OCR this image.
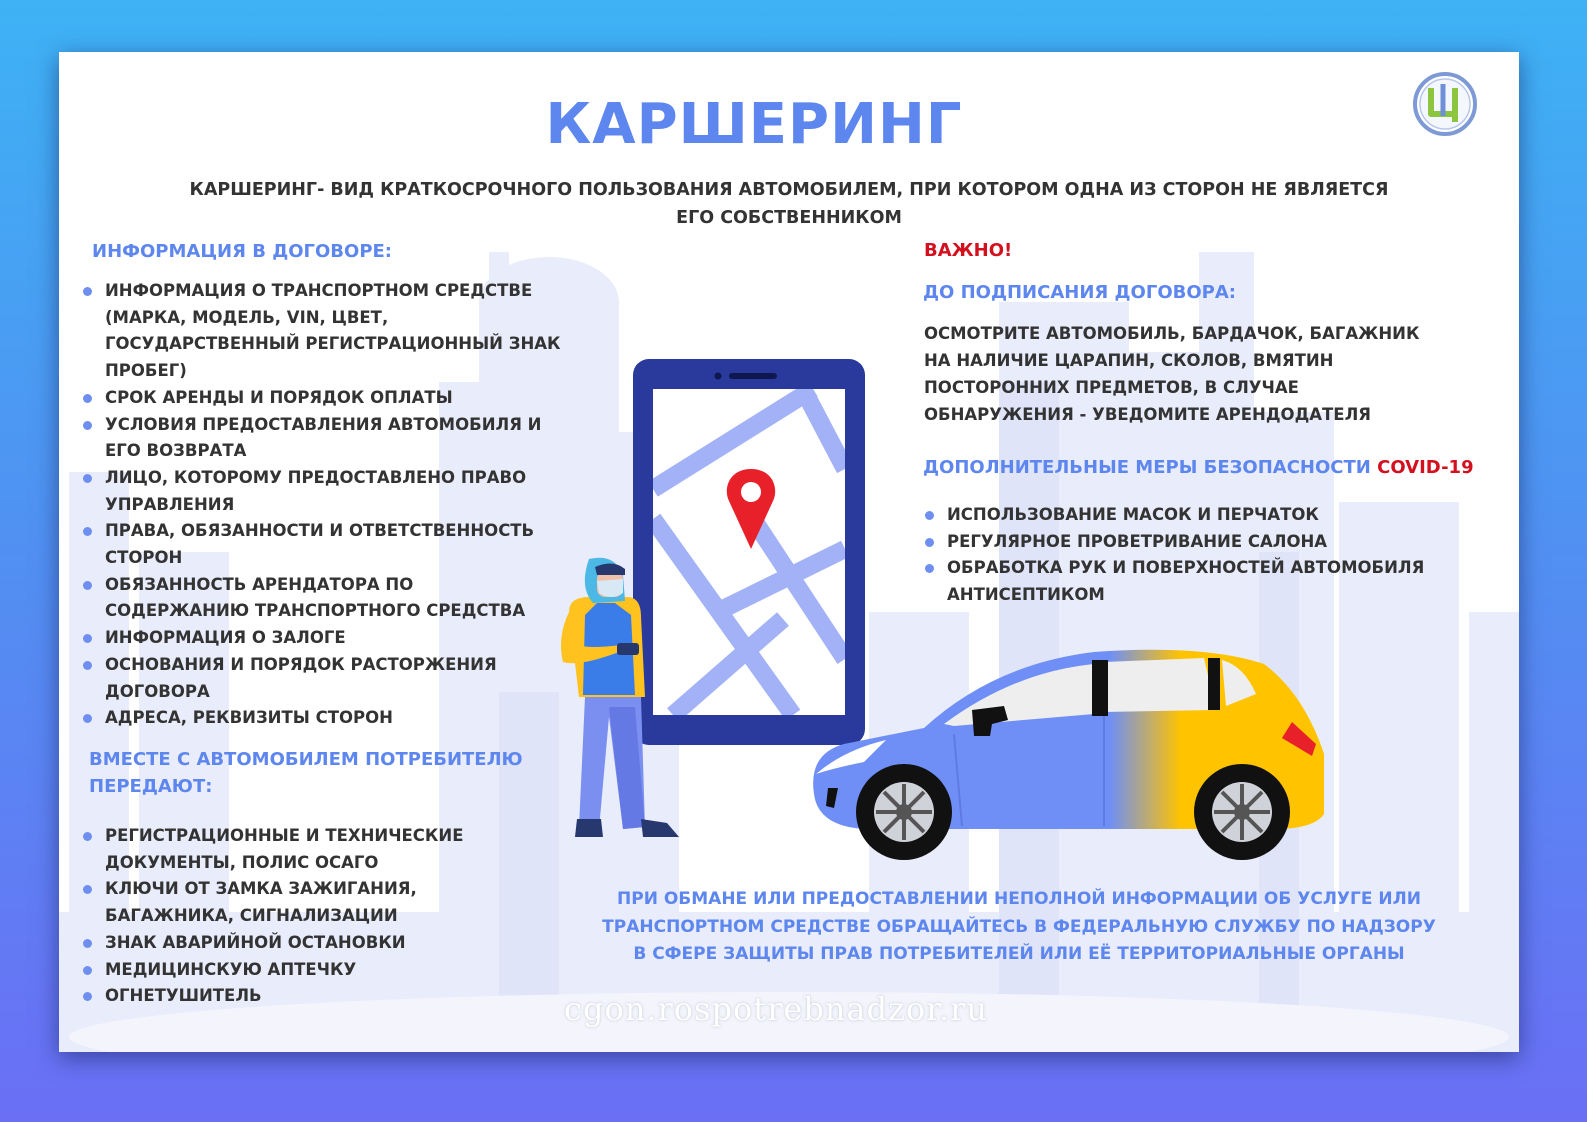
КАРШЕРИНГ
КАРШЕРИНГ- ВИД КРАТКОСРОЧНОГО ПОЛЬЗОВАНИЯ АВТОМОБИЛЕМ, ПРИ КОТОРОМ ОДНА ИЗ СТОРОН НЕ ЯВЛЯЕТСЯ ЕГО СОБСТВЕННИКОМ
ИНФОРМАЦИЯ В ДОГОВОРЕ:
ИНФОРМАЦИЯ О ТРАНСПОРТНОМ СРЕДСТВЕ (МАРКА, МОДЕЛЬ, VIN, ЦВЕТ, ГОСУДАРСТВЕННЫЙ РЕГИСТРАЦИОННЫЙ ЗНАК ПРОБЕГ)
СРОК АРЕНДЫ И ПОРЯДОК ОПЛАТЫ
УСЛОВИЯ ПРЕДОСТАВЛЕНИЯ АВТОМОБИЛЯ И ЕГО ВОЗВРАТА
ЛИЦО, КОТОРОМУ ПРЕДОСТАВЛЕНО ПРАВО УПРАВЛЕНИЯ
ПРАВА, ОБЯЗАННОСТИ И ОТВЕТСТВЕННОСТЬ СТОРОН
ОБЯЗАННОСТЬ АРЕНДАТОРА ПО СОДЕРЖАНИЮ ТРАНСПОРТНОГО СРЕДСТВА
ИНФОРМАЦИЯ О ЗАЛОГЕ
ОСНОВАНИЯ И ПОРЯДОК РАСТОРЖЕНИЯ ДОГОВОРА
АДРЕСА, РЕКВИЗИТЫ СТОРОН
ВМЕСТЕ С АВТОМОБИЛЕМ ПОТРЕБИТЕЛЮ ПЕРЕДАЮТ:
РЕГИСТРАЦИОННЫЕ И ТЕХНИЧЕСКИЕ ДОКУМЕНТЫ, ПОЛИС ОСАГО
КЛЮЧИ ОТ ЗАМКА ЗАЖИГАНИЯ, БАГАЖНИКА, СИГНАЛИЗАЦИИ
ЗНАК АВАРИЙНОЙ ОСТАНОВКИ
МЕДИЦИНСКУЮ АПТЕЧКУ
ОГНЕТУШИТЕЛЬ
ВАЖНО!
ДО ПОДПИСАНИЯ ДОГОВОРА:
ОСМОТРИТЕ АВТОМОБИЛЬ, БАРДАЧОК, БАГАЖНИК
НА НАЛИЧИЕ ЦАРАПИН, СКОЛОВ, ВМЯТИН
ПОСТОРОННИХ ПРЕДМЕТОВ, В СЛУЧАЕ
ОБНАРУЖЕНИЯ - УВЕДОМИТЕ АРЕНДОДАТЕЛЯ
ДОПОЛНИТЕЛЬНЫЕ МЕРЫ БЕЗОПАСНОСТИ COVID-19
ИСПОЛЬЗОВАНИЕ МАСОК И ПЕРЧАТОК
РЕГУЛЯРНОЕ ПРОВЕТРИВАНИЕ САЛОНА
ОБРАБОТКА РУК И ПОВЕРХНОСТЕЙ АВТОМОБИЛЯ АНТИСЕПТИКОМ
ПРИ ОБМАНЕ ИЛИ ПРЕДОСТАВЛЕНИИ НЕПОЛНОЙ ИНФОРМАЦИИ ОБ УСЛУГЕ ИЛИ ТРАНСПОРТНОМ СРЕДСТВЕ ОБРАЩАЙТЕСЬ В ФЕДЕРАЛЬНУЮ СЛУЖБУ ПО НАДЗОРУ В СФЕРЕ ЗАЩИТЫ ПРАВ ПОТРЕБИТЕЛЕЙ ИЛИ ЕЁ ТЕРРИТОРИАЛЬНЫЕ ОРГАНЫ
cgon.rospotrebnadzor.ru
